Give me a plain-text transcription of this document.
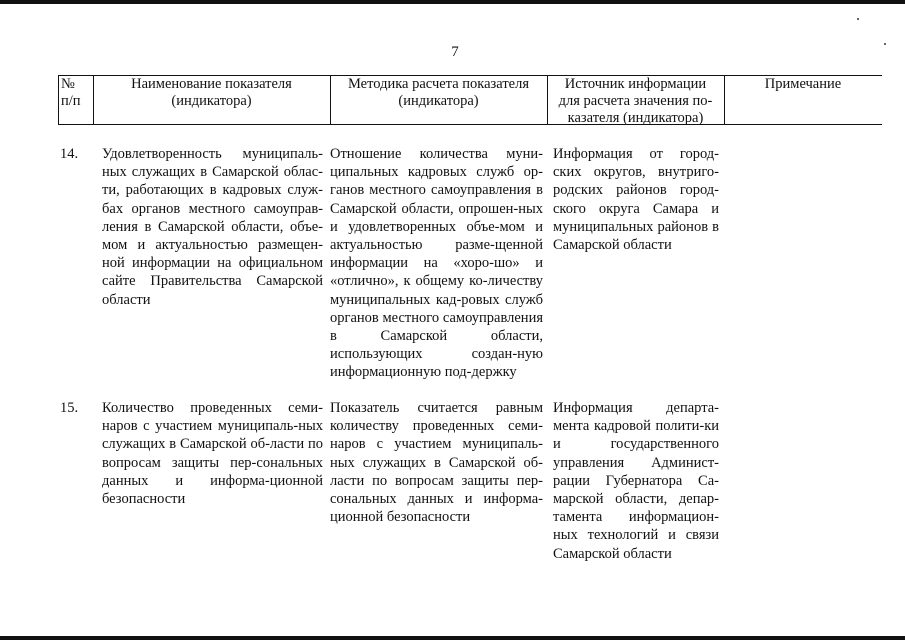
7
№
п/п
Наименование показателя
(индикатора)
Методика расчета показателя
(индикатора)
Источник информации
для расчета значения по-
казателя (индикатора)
Примечание
14. Удовлетворенность муниципаль-ных служащих в Самарской облас-ти, работающих в кадровых служ-бах органов местного самоуправ-ления в Самарской области, объе-мом и актуальностью размещен-ной информации на официальном сайте Правительства Самарской области

Отношение количества муни-ципальных кадровых служб ор-ганов местного самоуправления в Самарской области, опрошен-ных и удовлетворенных объе-мом и актуальностью разме-щенной информации на «хоро-шо» и «отлично», к общему ко-личеству муниципальных кад-ровых служб органов местного самоуправления в Самарской области, использующих создан-ную информационную под-держку

Информация от город-ских округов, внутриго-родских районов город-ского округа Самара и муниципальных районов в Самарской области

15. Количество проведенных семи-наров с участием муниципаль-ных служащих в Самарской об-ласти по вопросам защиты пер-сональных данных и информа-ционной безопасности

Показатель считается равным количеству проведенных семи-наров с участием муниципаль-ных служащих в Самарской об-ласти по вопросам защиты пер-сональных данных и информа-ционной безопасности

Информация департа-мента кадровой полити-ки и государственного управления Админист-рации Губернатора Са-марской области, депар-тамента информацион-ных технологий и связи Самарской области
